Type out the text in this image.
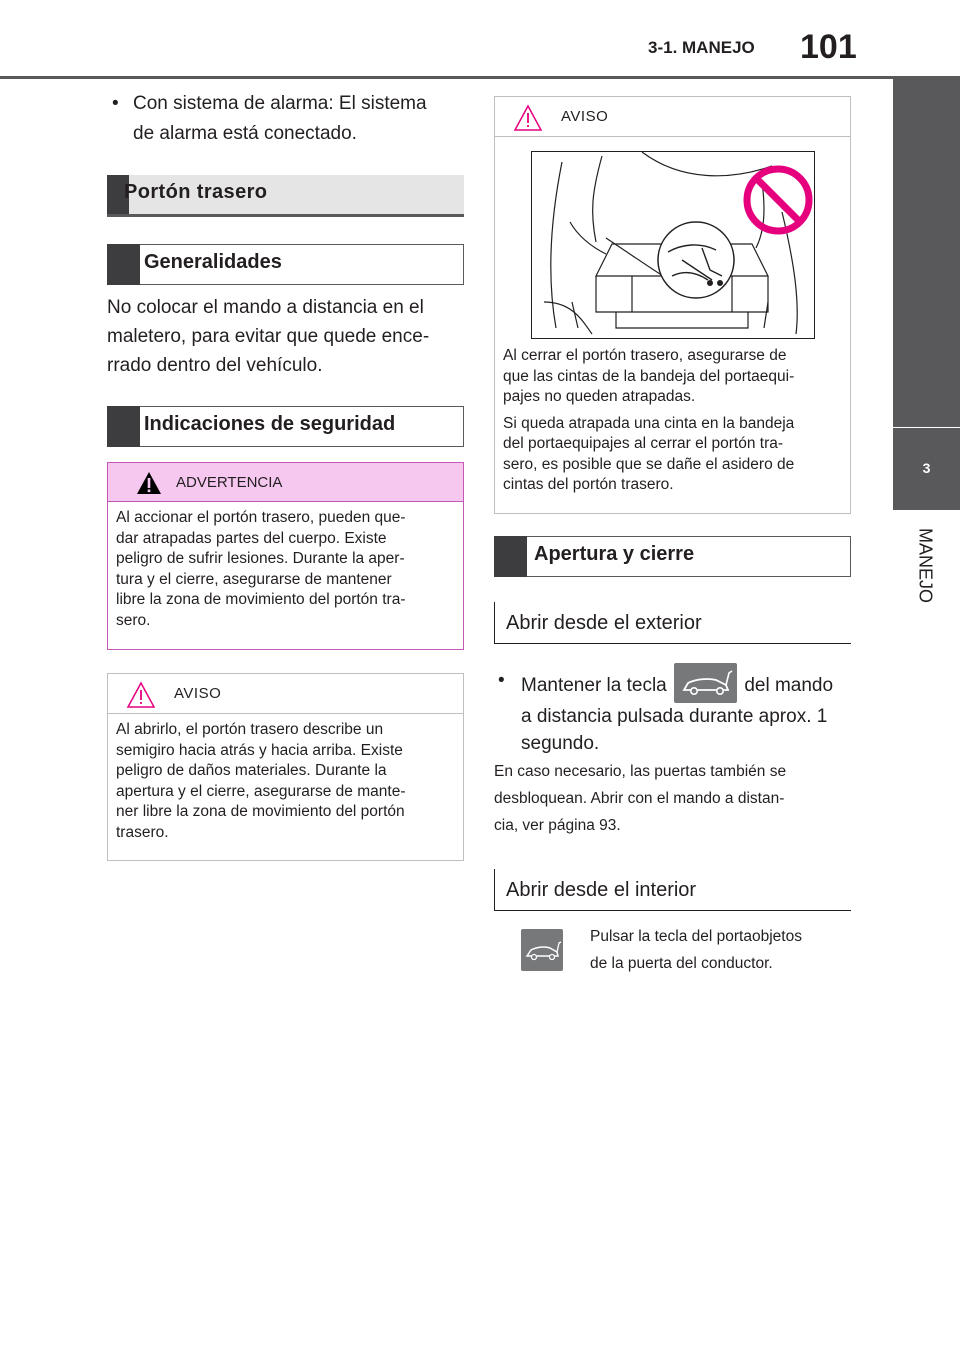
3-1. MANEJO 101
3
MANEJO
• Con sistema de alarma: El sistema
de alarma está conectado.
Portón trasero
Generalidades
No colocar el mando a distancia en el
maletero, para evitar que quede ence-
rrado dentro del vehículo.
Indicaciones de seguridad
ADVERTENCIA
Al accionar el portón trasero, pueden que-
dar atrapadas partes del cuerpo. Existe
peligro de sufrir lesiones. Durante la aper-
tura y el cierre, asegurarse de mantener
libre la zona de movimiento del portón tra-
sero.
AVISO
Al abrirlo, el portón trasero describe un
semigiro hacia atrás y hacia arriba. Existe
peligro de daños materiales. Durante la
apertura y el cierre, asegurarse de mante-
ner libre la zona de movimiento del portón
trasero.
AVISO
Al cerrar el portón trasero, asegurarse de
que las cintas de la bandeja del portaequi-
pajes no queden atrapadas.
Si queda atrapada una cinta en la bandeja
del portaequipajes al cerrar el portón tra-
sero, es posible que se dañe el asidero de
cintas del portón trasero.
Apertura y cierre
Abrir desde el exterior
• Mantener la tecla	del mando
a distancia pulsada durante aprox. 1
segundo.
En caso necesario, las puertas también se
desbloquean. Abrir con el mando a distan-
cia, ver página 93.
Abrir desde el interior
Pulsar la tecla del portaobjetos
de la puerta del conductor.
